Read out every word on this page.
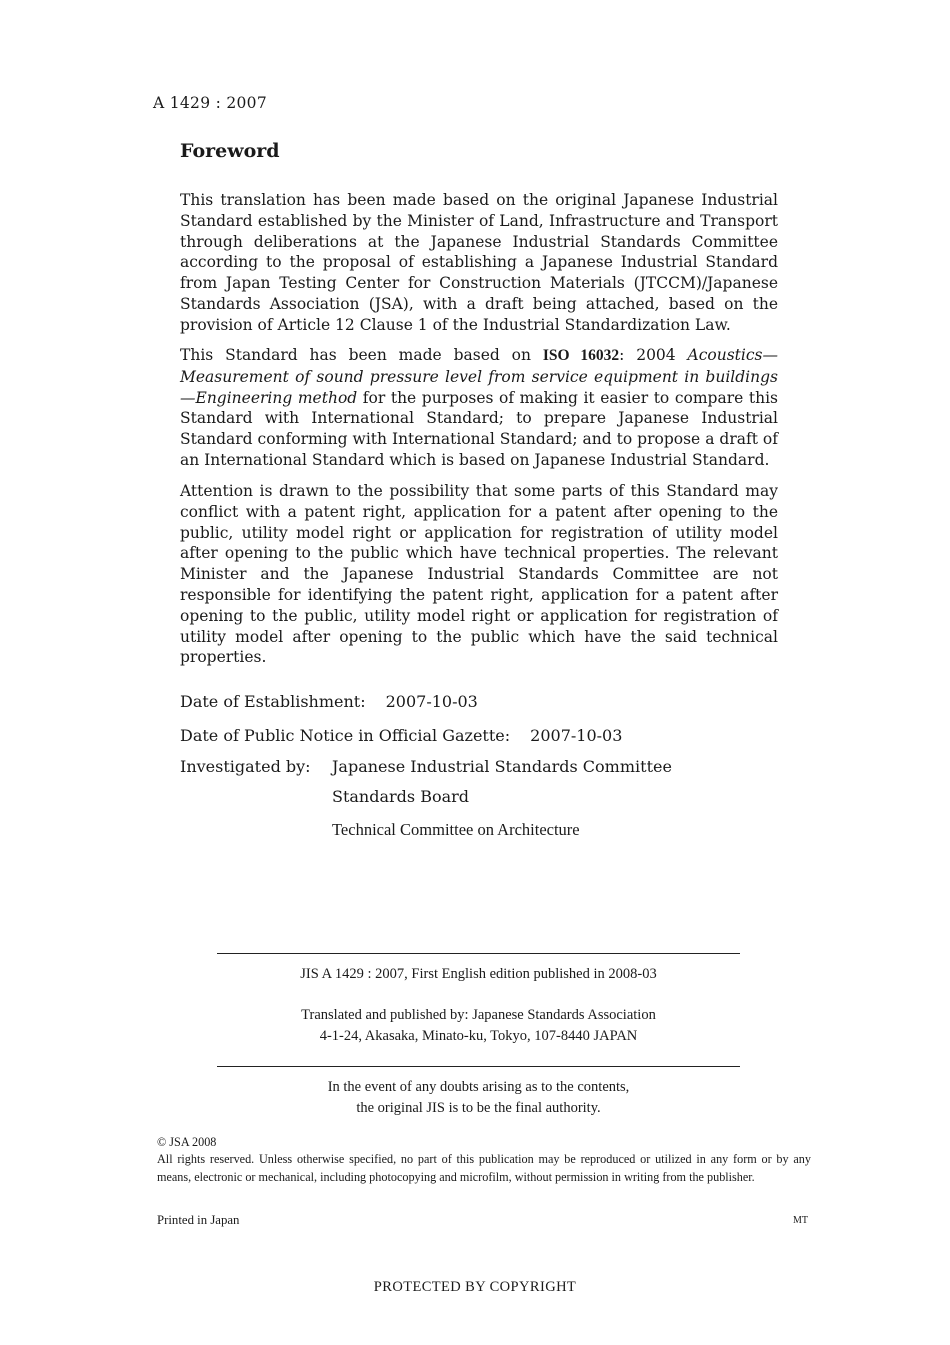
A 1429 : 2007
Foreword
This translation has been made based on the original Japanese Industrial Standard established by the Minister of Land, Infrastructure and Transport through deliberations at the Japanese Industrial Standards Committee according to the proposal of establishing a Japanese Industrial Standard from Japan Testing Center for Construction Materials (JTCCM)/Japanese Standards Association (JSA), with a draft being attached, based on the provision of Article 12 Clause 1 of the Industrial Standardization Law.
This Standard has been made based on ISO 16032: 2004 Acoustics—Measurement of sound pressure level from service equipment in buildings—Engineering method for the purposes of making it easier to compare this Standard with International Standard; to prepare Japanese Industrial Standard conforming with International Standard; and to propose a draft of an International Standard which is based on Japanese Industrial Standard.
Attention is drawn to the possibility that some parts of this Standard may conflict with a patent right, application for a patent after opening to the public, utility model right or application for registration of utility model after opening to the public which have technical properties. The relevant Minister and the Japanese Industrial Standards Committee are not responsible for identifying the patent right, application for a patent after opening to the public, utility model right or application for registration of utility model after opening to the public which have the said technical properties.
Date of Establishment: 2007-10-03
Date of Public Notice in Official Gazette: 2007-10-03
Investigated by: Japanese Industrial Standards Committee
Standards Board
Technical Committee on Architecture
JIS A 1429 : 2007, First English edition published in 2008-03
Translated and published by: Japanese Standards Association
4-1-24, Akasaka, Minato-ku, Tokyo, 107-8440 JAPAN
In the event of any doubts arising as to the contents,
the original JIS is to be the final authority.
© JSA 2008
All rights reserved. Unless otherwise specified, no part of this publication may be reproduced or utilized in any form or by any means, electronic or mechanical, including photocopying and microfilm, without permission in writing from the publisher.
Printed in Japan	MT
PROTECTED BY COPYRIGHT
